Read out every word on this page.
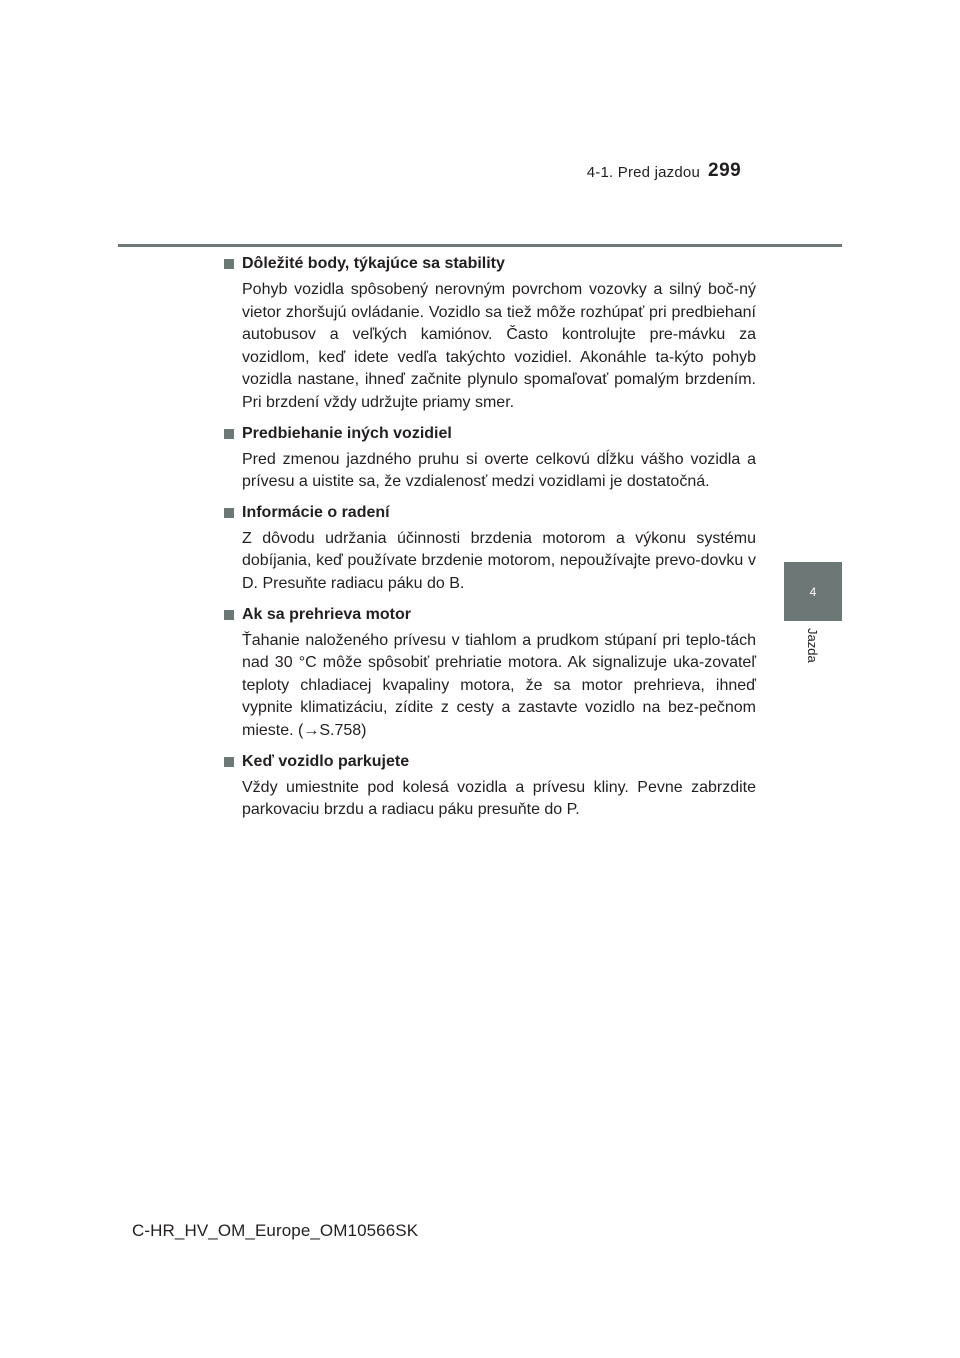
4-1. Pred jazdou 299
4
Jazda
Dôležité body, týkajúce sa stability

Pohyb vozidla spôsobený nerovným povrchom vozovky a silný boč-ný vietor zhoršujú ovládanie. Vozidlo sa tiež môže rozhúpať pri predbiehaní autobusov a veľkých kamiónov. Často kontrolujte pre-mávku za vozidlom, keď idete vedľa takýchto vozidiel. Akonáhle ta-kýto pohyb vozidla nastane, ihneď začnite plynulo spomaľovať pomalým brzdením. Pri brzdení vždy udržujte priamy smer.

Predbiehanie iných vozidiel

Pred zmenou jazdného pruhu si overte celkovú dĺžku vášho vozidla a prívesu a uistite sa, že vzdialenosť medzi vozidlami je dostatočná.

Informácie o radení

Z dôvodu udržania účinnosti brzdenia motorom a výkonu systému dobíjania, keď používate brzdenie motorom, nepoužívajte prevo-dovku v D. Presuňte radiacu páku do B.

Ak sa prehrieva motor

Ťahanie naloženého prívesu v tiahlom a prudkom stúpaní pri teplo-tách nad 30 °C môže spôsobiť prehriatie motora. Ak signalizuje uka-zovateľ teploty chladiacej kvapaliny motora, že sa motor prehrieva, ihneď vypnite klimatizáciu, zídite z cesty a zastavte vozidlo na bez-pečnom mieste. (→S.758)

Keď vozidlo parkujete

Vždy umiestnite pod kolesá vozidla a prívesu kliny. Pevne zabrzdite parkovaciu brzdu a radiacu páku presuňte do P.

C-HR_HV_OM_Europe_OM10566SK
